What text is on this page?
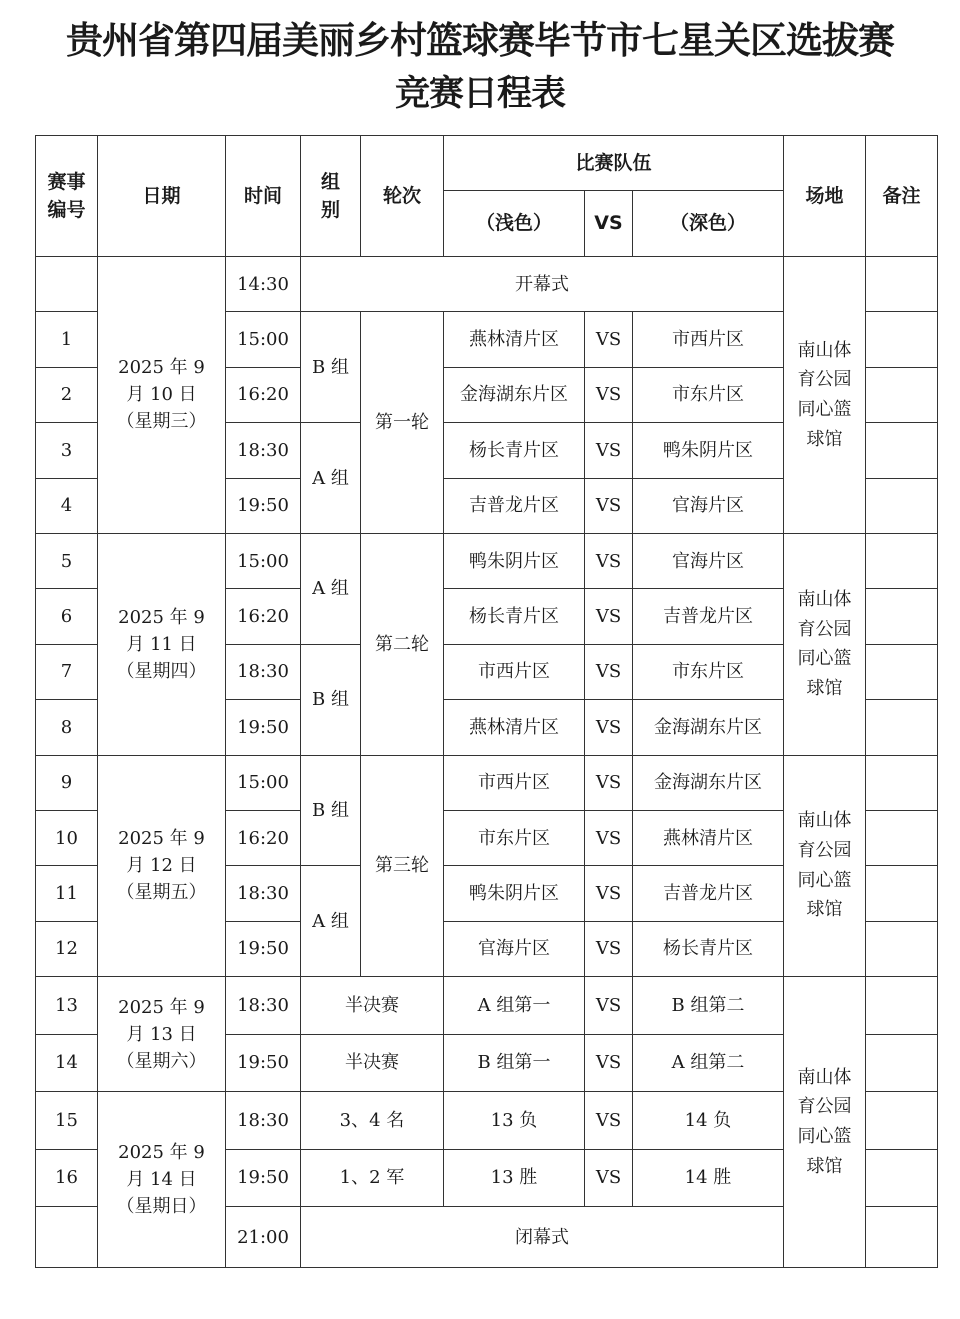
贵州省第四届美丽乡村篮球赛毕节市七星关区选拔赛
竞赛日程表
赛事编号	日期	时间	组别	轮次	比赛队伍			场地	备注
					（浅色）	VS	（深色）		
	2025 年 9 月 10 日（星期三）	14:30	开幕式					南山体育公园同心篮球馆	
1		15:00	B 组	第一轮	燕林清片区	VS	市西片区		
2		16:20			金海湖东片区	VS	市东片区		
3		18:30	A 组		杨长青片区	VS	鸭朱阴片区		
4		19:50			吉普龙片区	VS	官海片区		
5	2025 年 9 月 11 日（星期四）	15:00	A 组	第二轮	鸭朱阴片区	VS	官海片区	南山体育公园同心篮球馆	
6		16:20			杨长青片区	VS	吉普龙片区		
7		18:30	B 组		市西片区	VS	市东片区		
8		19:50			燕林清片区	VS	金海湖东片区		
9	2025 年 9 月 12 日（星期五）	15:00	B 组	第三轮	市西片区	VS	金海湖东片区	南山体育公园同心篮球馆	
10		16:20			市东片区	VS	燕林清片区		
11		18:30	A 组		鸭朱阴片区	VS	吉普龙片区		
12		19:50			官海片区	VS	杨长青片区		
13	2025 年 9 月 13 日（星期六）	18:30	半决赛		A 组第一	VS	B 组第二	南山体育公园同心篮球馆	
14		19:50	半决赛		B 组第一	VS	A 组第二		
15	2025 年 9 月 14 日（星期日）	18:30	3、4 名		13 负	VS	14 负		
16		19:50	1、2 军		13 胜	VS	14 胜		
		21:00	闭幕式						
